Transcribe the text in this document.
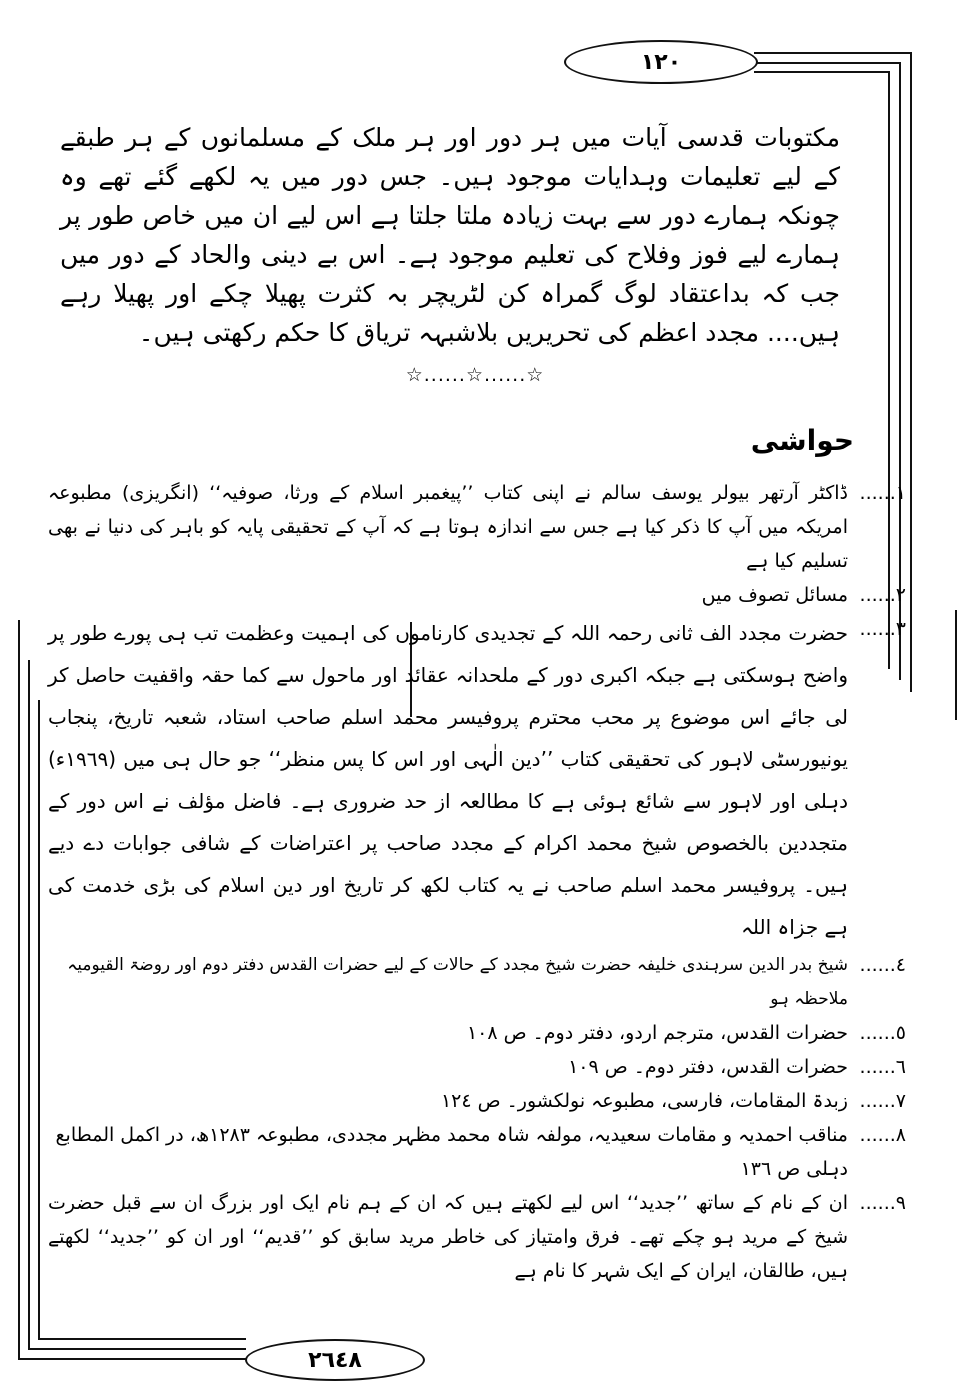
١٢٠

مکتوبات قدسی آیات میں ہر دور اور ہر ملک کے مسلمانوں کے ہر طبقے کے لیے تعلیمات وہدایات موجود ہیں۔ جس دور میں یہ لکھے گئے تھے وہ چونکہ ہمارے دور سے بہت زیادہ ملتا جلتا ہے اس لیے ان میں خاص طور پر ہمارے لیے فوز وفلاح کی تعلیم موجود ہے۔ اس بے دینی والحاد کے دور میں جب کہ بداعتقاد لوگ گمراہ کن لٹریچر بہ کثرت پھیلا چکے اور پھیلا رہے ہیں.... مجدد اعظم کی تحریریں بلاشبہہ تریاق کا حکم رکھتی ہیں۔

☆......☆......☆
حواشی
١......
ڈاکٹر آرتھر بیولر یوسف سالم نے اپنی کتاب ’’پیغمبر اسلام کے ورثا، صوفیہ‘‘ (انگریزی) مطبوعہ امریکہ میں آپ کا ذکر کیا ہے جس سے اندازہ ہوتا ہے کہ آپ کے تحقیقی پایہ کو باہر کی دنیا نے بھی تسلیم کیا ہے
٢......
مسائل تصوف میں
٣......
حضرت مجدد الف ثانی رحمہ اللہ کے تجدیدی کارناموں کی اہمیت وعظمت تب ہی پورے طور پر واضح ہوسکتی ہے جبکہ اکبری دور کے ملحدانہ عقائد اور ماحول سے کما حقہ واقفیت حاصل کر لی جائے اس موضوع پر محب محترم پروفیسر محمد اسلم صاحب استاد، شعبہ تاریخ، پنجاب یونیورسٹی لاہور کی تحقیقی کتاب ’’دین الٰہی اور اس کا پس منظر‘‘ جو حال ہی میں (١٩٦٩ء) دہلی اور لاہور سے شائع ہوئی ہے کا مطالعہ از حد ضروری ہے۔ فاضل مؤلف نے اس دور کے متجددین بالخصوص شیخ محمد اکرام کے مجدد صاحب پر اعتراضات کے شافی جوابات دے دیے ہیں۔ پروفیسر محمد اسلم صاحب نے یہ کتاب لکھ کر تاریخ اور دین اسلام کی بڑی خدمت کی ہے جزاہ اللہ
٤......
شیخ بدر الدین سرہندی خلیفہ حضرت شیخ مجدد کے حالات کے لیے حضرات القدس دفتر دوم اور روضۃ القیومیہ ملاحظہ ہو
٥......
حضرات القدس، مترجم اردو، دفتر دوم۔ ص ١٠٨
٦......
حضرات القدس، دفتر دوم۔ ص ١٠٩
٧......
زبدۃ المقامات، فارسی، مطبوعہ نولکشور۔ ص ١٢٤
٨......
مناقب احمدیہ و مقامات سعیدیہ، مولفہ شاہ محمد مظہر مجددی، مطبوعہ ١٢٨٣ھ، در اکمل المطابع دہلی ص ١٣٦
٩......
ان کے نام کے ساتھ ’’جدید‘‘ اس لیے لکھتے ہیں کہ ان کے ہم نام ایک اور بزرگ ان سے قبل حضرت شیخ کے مرید ہو چکے تھے۔ فرق وامتیاز کی خاطر مرید سابق کو ’’قدیم‘‘ اور ان کو ’’جدید‘‘ لکھتے ہیں، طالقان، ایران کے ایک شہر کا نام ہے
٢٦٤٨
